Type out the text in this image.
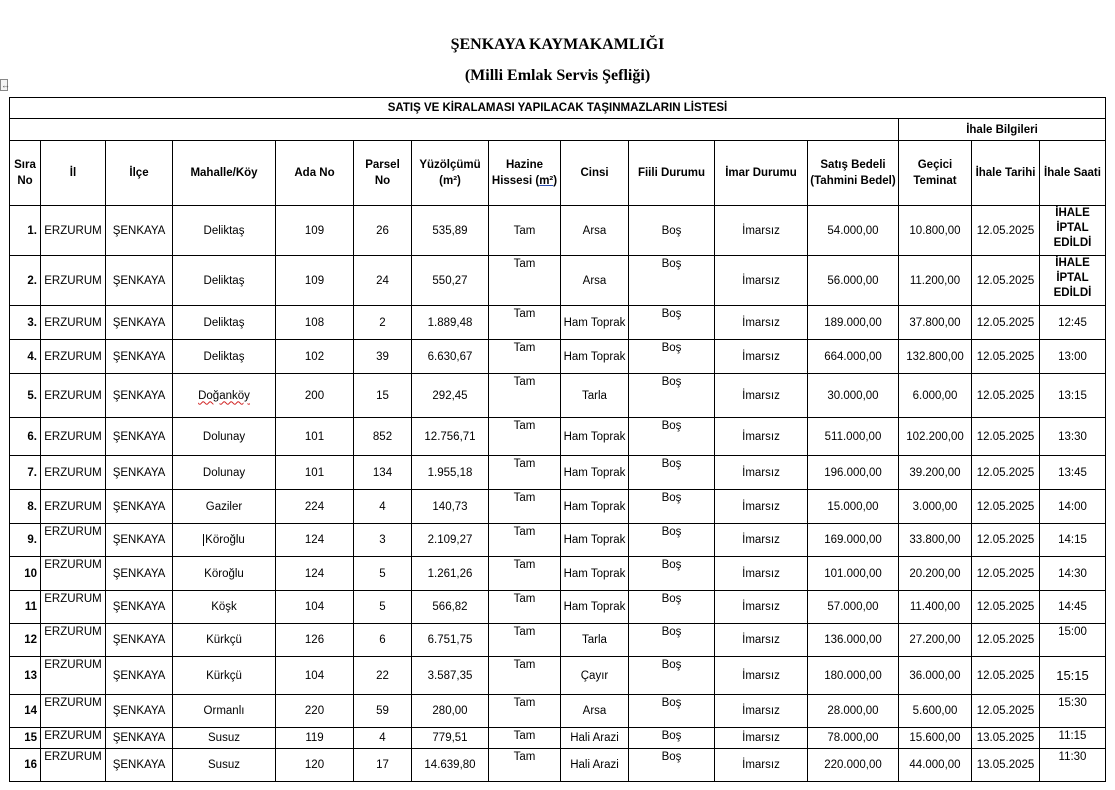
ŞENKAYA KAYMAKAMLIĞI
(Milli Emlak Servis Şefliği)
↔
SATIŞ VE KİRALAMASI YAPILACAK TAŞINMAZLARIN LİSTESİ														
												İhale Bilgileri		
Sıra No	İl	İlçe	Mahalle/Köy	Ada No	Parsel No	Yüzölçümü (m²)	Hazine Hissesi (m²)	Cinsi	Fiili Durumu	İmar Durumu	Satış Bedeli (Tahmini Bedel)	Geçici Teminat	İhale Tarihi	İhale Saati
1.	ERZURUM	ŞENKAYA	Deliktaş	109	26	535,89	Tam	Arsa	Boş	İmarsız	54.000,00	10.800,00	12.05.2025	İHALE İPTAL EDİLDİ
2.	ERZURUM	ŞENKAYA	Deliktaş	109	24	550,27	Tam	Arsa	Boş	İmarsız	56.000,00	11.200,00	12.05.2025	İHALE İPTAL EDİLDİ
3.	ERZURUM	ŞENKAYA	Deliktaş	108	2	1.889,48	Tam	Ham Toprak	Boş	İmarsız	189.000,00	37.800,00	12.05.2025	12:45
4.	ERZURUM	ŞENKAYA	Deliktaş	102	39	6.630,67	Tam	Ham Toprak	Boş	İmarsız	664.000,00	132.800,00	12.05.2025	13:00
5.	ERZURUM	ŞENKAYA	Doğanköy	200	15	292,45	Tam	Tarla	Boş	İmarsız	30.000,00	6.000,00	12.05.2025	13:15
6.	ERZURUM	ŞENKAYA	Dolunay	101	852	12.756,71	Tam	Ham Toprak	Boş	İmarsız	511.000,00	102.200,00	12.05.2025	13:30
7.	ERZURUM	ŞENKAYA	Dolunay	101	134	1.955,18	Tam	Ham Toprak	Boş	İmarsız	196.000,00	39.200,00	12.05.2025	13:45
8.	ERZURUM	ŞENKAYA	Gaziler	224	4	140,73	Tam	Ham Toprak	Boş	İmarsız	15.000,00	3.000,00	12.05.2025	14:00
9.	ERZURUM	ŞENKAYA	Köroğlu	124	3	2.109,27	Tam	Ham Toprak	Boş	İmarsız	169.000,00	33.800,00	12.05.2025	14:15
10	ERZURUM	ŞENKAYA	Köroğlu	124	5	1.261,26	Tam	Ham Toprak	Boş	İmarsız	101.000,00	20.200,00	12.05.2025	14:30
11	ERZURUM	ŞENKAYA	Köşk	104	5	566,82	Tam	Ham Toprak	Boş	İmarsız	57.000,00	11.400,00	12.05.2025	14:45
12	ERZURUM	ŞENKAYA	Kürkçü	126	6	6.751,75	Tam	Tarla	Boş	İmarsız	136.000,00	27.200,00	12.05.2025	15:00
13	ERZURUM	ŞENKAYA	Kürkçü	104	22	3.587,35	Tam	Çayır	Boş	İmarsız	180.000,00	36.000,00	12.05.2025	15:15
14	ERZURUM	ŞENKAYA	Ormanlı	220	59	280,00	Tam	Arsa	Boş	İmarsız	28.000,00	5.600,00	12.05.2025	15:30
15	ERZURUM	ŞENKAYA	Susuz	119	4	779,51	Tam	Hali Arazi	Boş	İmarsız	78.000,00	15.600,00	13.05.2025	11:15
16	ERZURUM	ŞENKAYA	Susuz	120	17	14.639,80	Tam	Hali Arazi	Boş	İmarsız	220.000,00	44.000,00	13.05.2025	11:30
